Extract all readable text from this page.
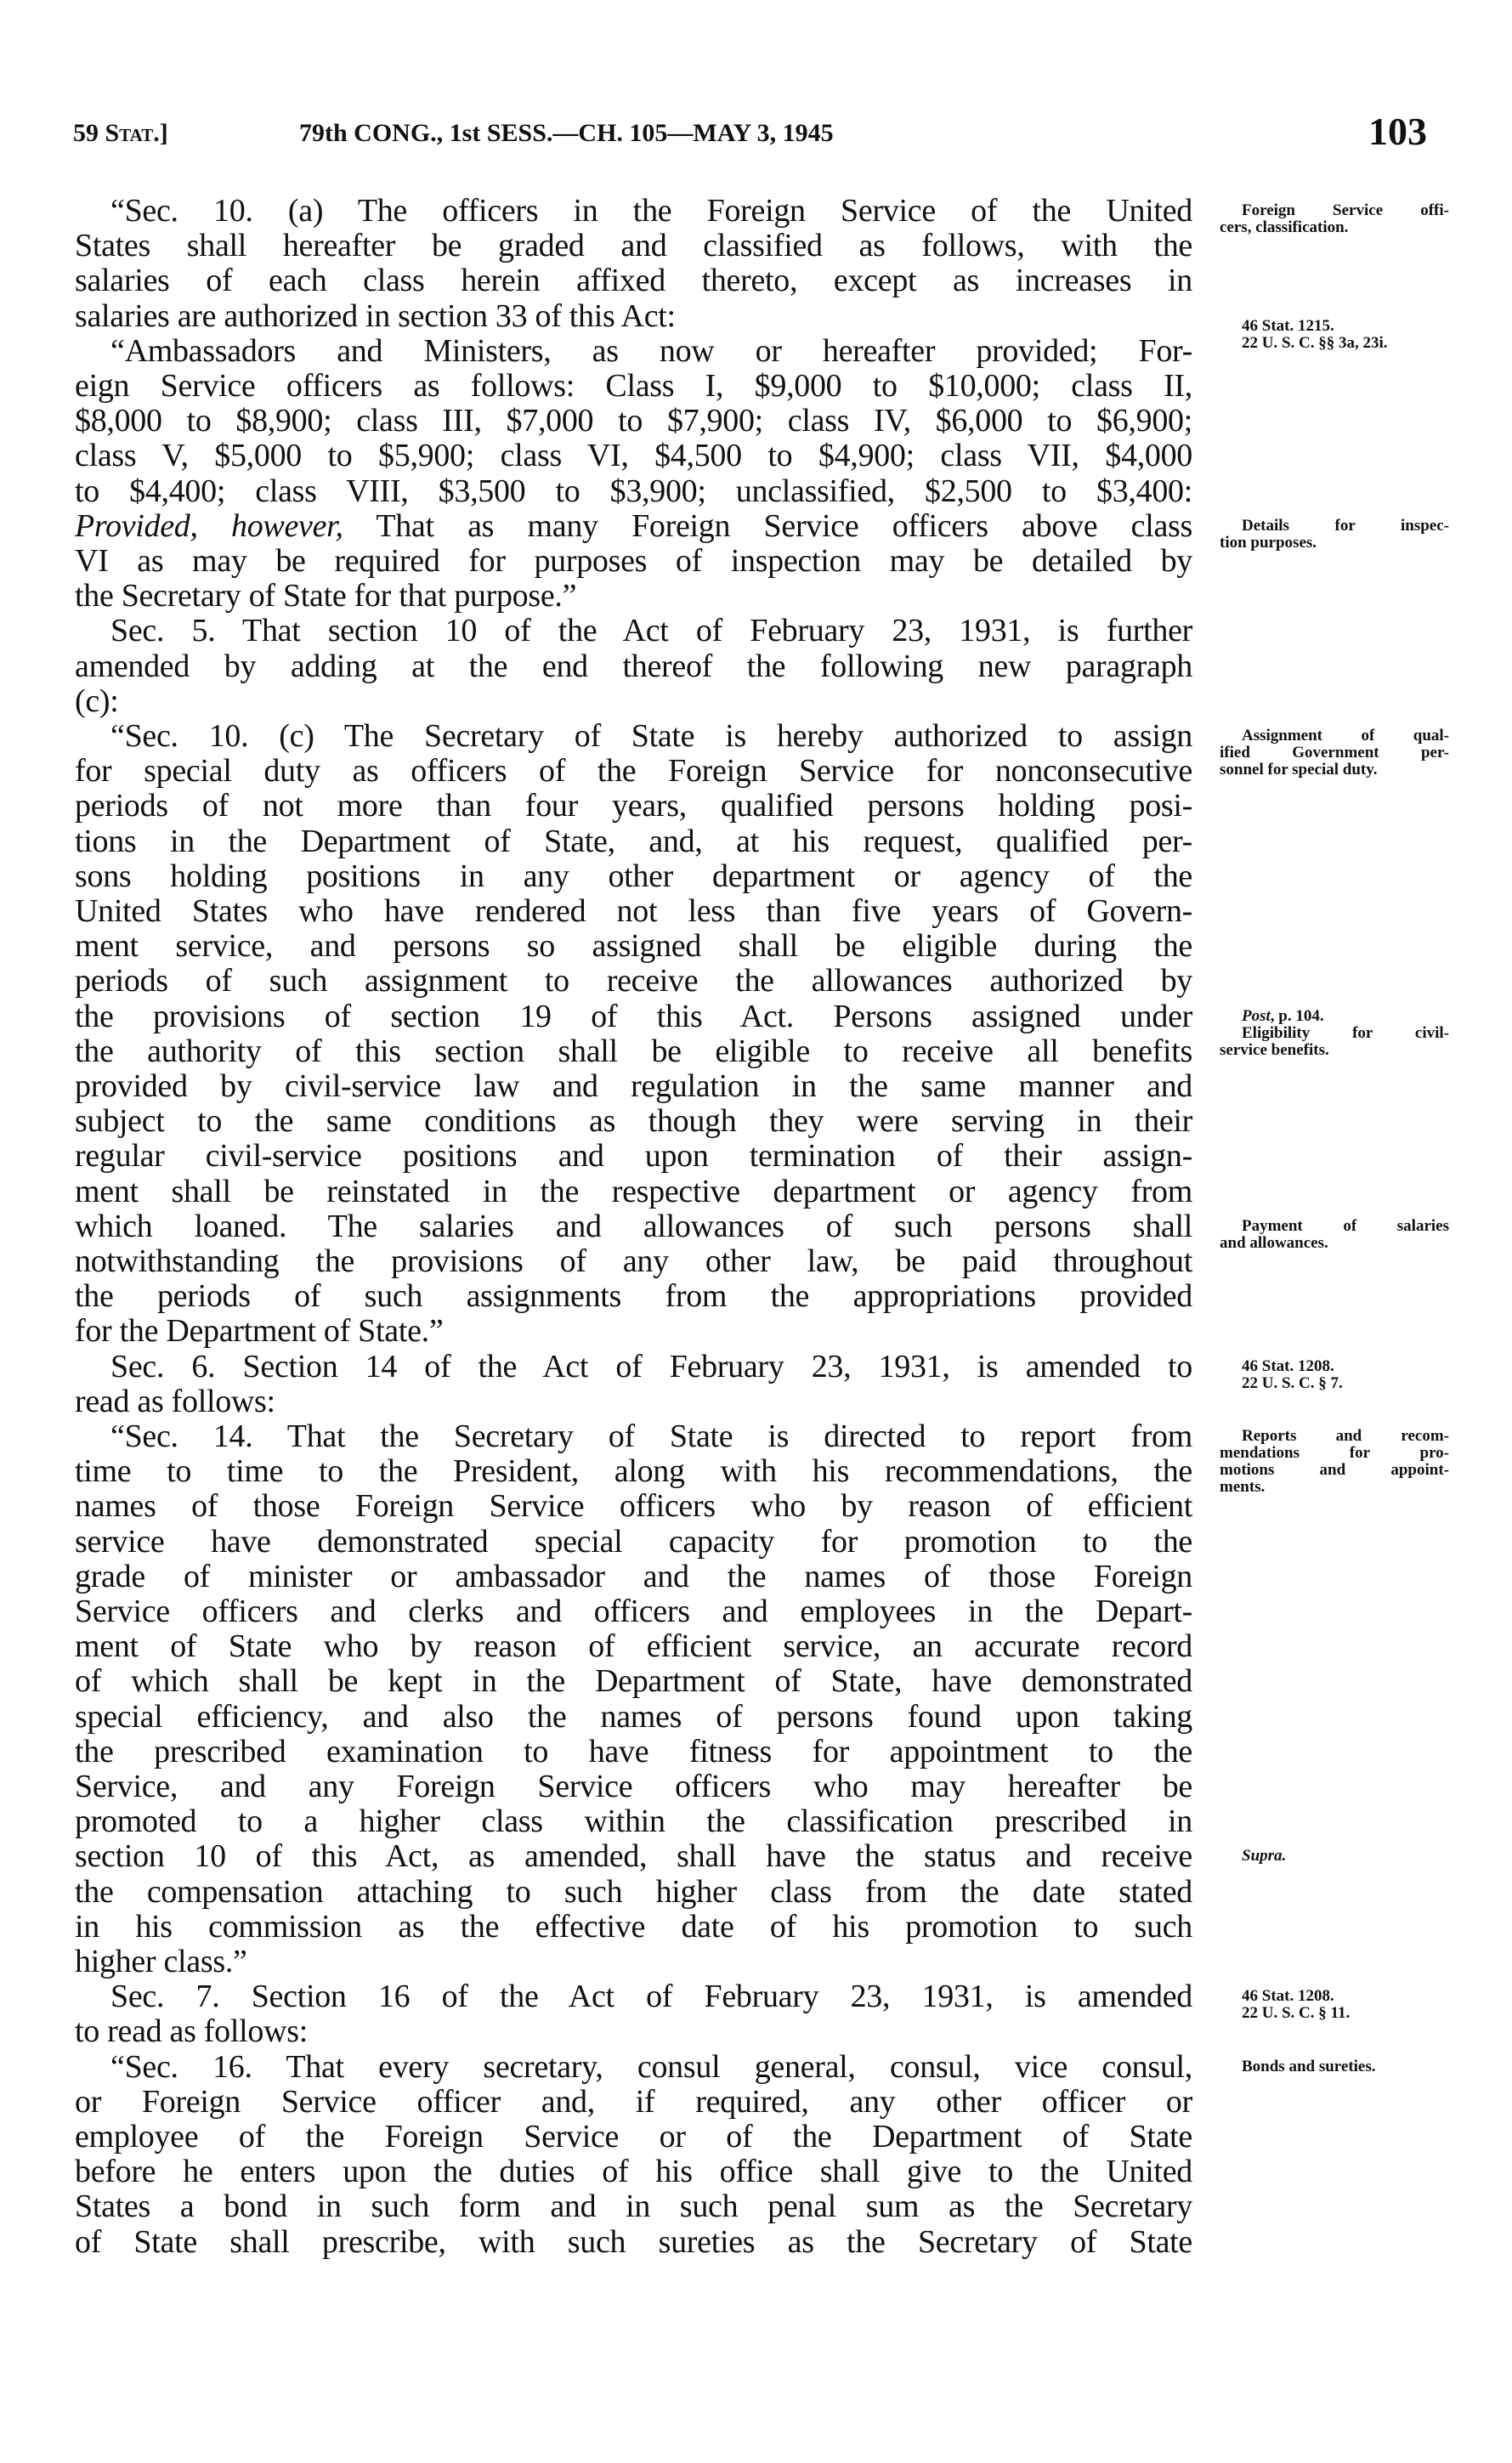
59 Stat.]	79th CONG., 1st SESS.—CH. 105—MAY 3, 1945	103
“Sec. 10. (a) The officers in the Foreign Service of the United
States shall hereafter be graded and classified as follows, with the
salaries of each class herein affixed thereto, except as increases in
salaries are authorized in section 33 of this Act:
“Ambassadors and Ministers, as now or hereafter provided; For-
eign Service officers as follows: Class I, $9,000 to $10,000; class II,
$8,000 to $8,900; class III, $7,000 to $7,900; class IV, $6,000 to $6,900;
class V, $5,000 to $5,900; class VI, $4,500 to $4,900; class VII, $4,000
to $4,400; class VIII, $3,500 to $3,900; unclassified, $2,500 to $3,400:
Provided, however, That as many Foreign Service officers above class
VI as may be required for purposes of inspection may be detailed by
the Secretary of State for that purpose.”
Sec. 5. That section 10 of the Act of February 23, 1931, is further
amended by adding at the end thereof the following new paragraph
(c):
“Sec. 10. (c) The Secretary of State is hereby authorized to assign
for special duty as officers of the Foreign Service for nonconsecutive
periods of not more than four years, qualified persons holding posi-
tions in the Department of State, and, at his request, qualified per-
sons holding positions in any other department or agency of the
United States who have rendered not less than five years of Govern-
ment service, and persons so assigned shall be eligible during the
periods of such assignment to receive the allowances authorized by
the provisions of section 19 of this Act. Persons assigned under
the authority of this section shall be eligible to receive all benefits
provided by civil-service law and regulation in the same manner and
subject to the same conditions as though they were serving in their
regular civil-service positions and upon termination of their assign-
ment shall be reinstated in the respective department or agency from
which loaned. The salaries and allowances of such persons shall
notwithstanding the provisions of any other law, be paid throughout
the periods of such assignments from the appropriations provided
for the Department of State.”
Sec. 6. Section 14 of the Act of February 23, 1931, is amended to
read as follows:
“Sec. 14. That the Secretary of State is directed to report from
time to time to the President, along with his recommendations, the
names of those Foreign Service officers who by reason of efficient
service have demonstrated special capacity for promotion to the
grade of minister or ambassador and the names of those Foreign
Service officers and clerks and officers and employees in the Depart-
ment of State who by reason of efficient service, an accurate record
of which shall be kept in the Department of State, have demonstrated
special efficiency, and also the names of persons found upon taking
the prescribed examination to have fitness for appointment to the
Service, and any Foreign Service officers who may hereafter be
promoted to a higher class within the classification prescribed in
section 10 of this Act, as amended, shall have the status and receive
the compensation attaching to such higher class from the date stated
in his commission as the effective date of his promotion to such
higher class.”
Sec. 7. Section 16 of the Act of February 23, 1931, is amended
to read as follows:
“Sec. 16. That every secretary, consul general, consul, vice consul,
or Foreign Service officer and, if required, any other officer or
employee of the Foreign Service or of the Department of State
before he enters upon the duties of his office shall give to the United
States a bond in such form and in such penal sum as the Secretary
of State shall prescribe, with such sureties as the Secretary of State
Foreign Service offi-
cers, classification.
46 Stat. 1215.
22 U. S. C. §§ 3a, 23i.
Details for inspec-
tion purposes.
Assignment of qual-
ified Government per-
sonnel for special duty.
Post, p. 104.
Eligibility for civil-
service benefits.
Payment of salaries
and allowances.
46 Stat. 1208.
22 U. S. C. § 7.
Reports and recom-
mendations for pro-
motions and appoint-
ments.
Supra.
46 Stat. 1208.
22 U. S. C. § 11.
Bonds and sureties.
